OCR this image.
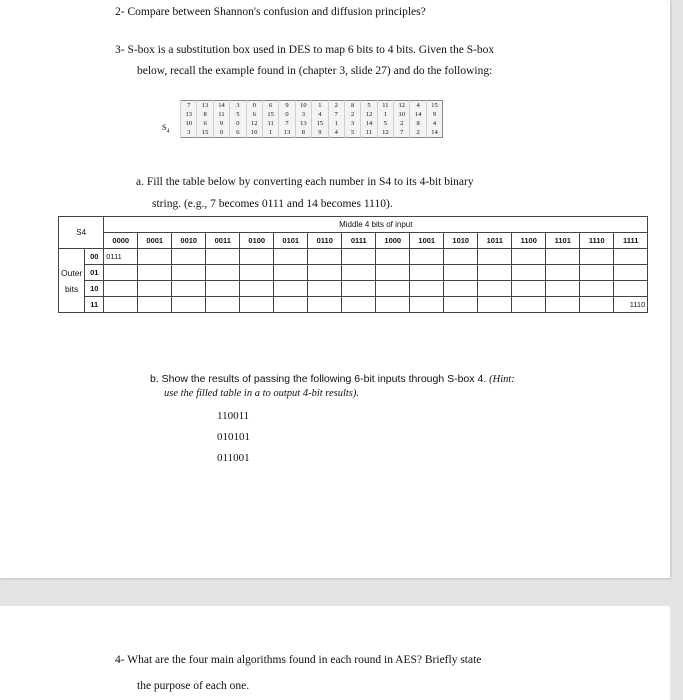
2- Compare between Shannon's confusion and diffusion principles?
3- S-box is a substitution box used in DES to map 6 bits to 4 bits. Given the S-box
below, recall the example found in (chapter 3, slide 27) and do the following:
$S_4$
7	13	14	3	0	6	9	10	1	2	8	5	11	12	4	15
13	8	11	5	6	15	0	3	4	7	2	12	1	10	14	9
10	6	9	0	12	11	7	13	15	1	3	14	5	2	8	4
3	15	0	6	10	1	13	8	9	4	5	11	12	7	2	14
a. Fill the table below by converting each number in S4 to its 4-bit binary
string. (e.g., 7 becomes 0111 and 14 becomes 1110).
S4		Middle 4 bits of input															
		0000	0001	0010	0011	0100	0101	0110	0111	1000	1001	1010	1011	1100	1101	1110	1111
	00	0111															
Outer	01																
bits	10																
	11																1110
b. Show the results of passing the following 6-bit inputs through S-box 4. (Hint:
use the filled table in a to output 4-bit results).
110011
010101
011001
4- What are the four main algorithms found in each round in AES? Briefly state
the purpose of each one.
